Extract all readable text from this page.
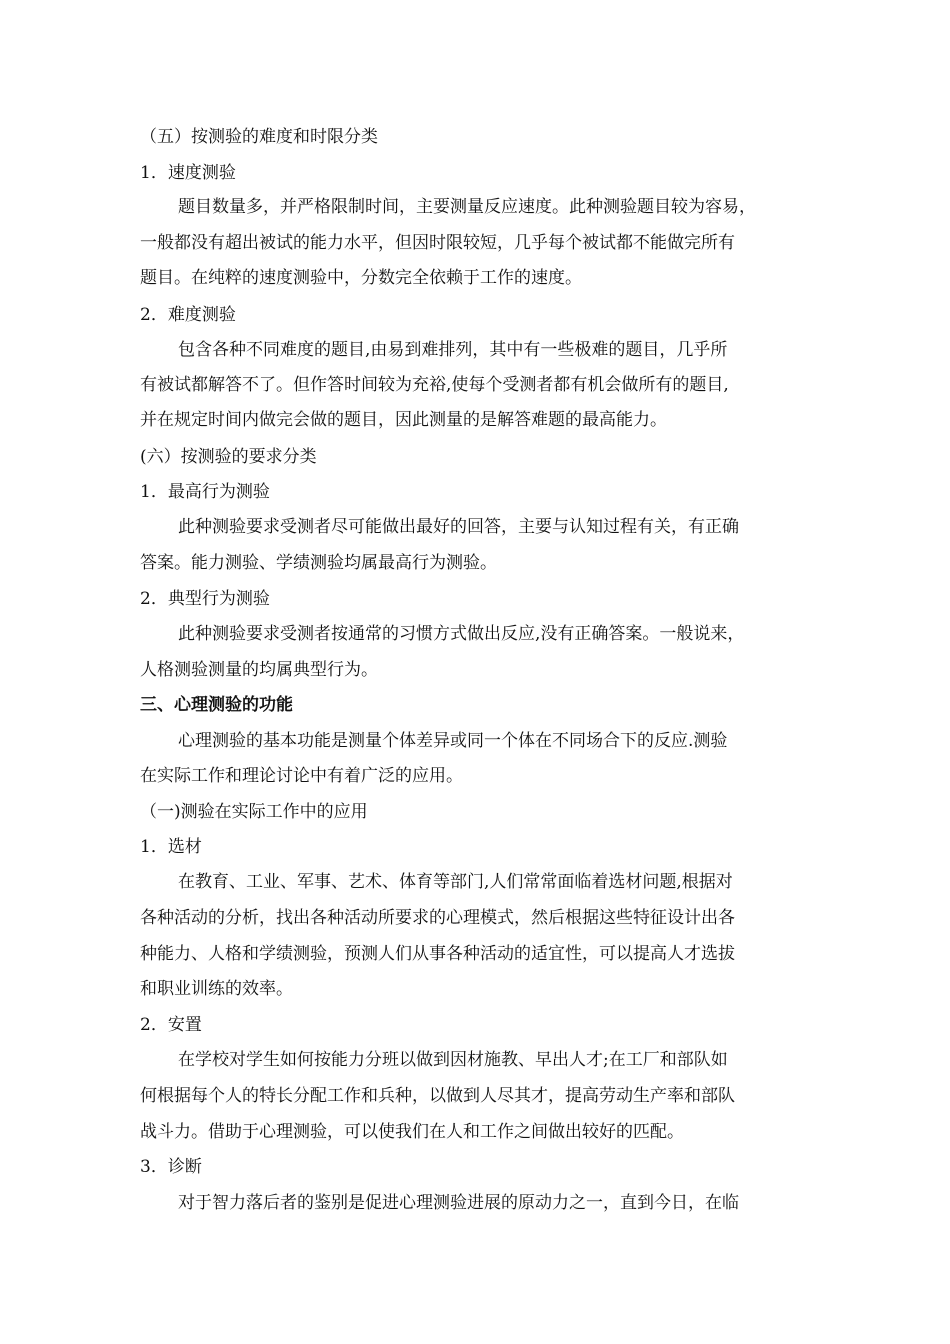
（五）按测验的难度和时限分类
1．速度测验
题目数量多，并严格限制时间，主要测量反应速度。此种测验题目较为容易，
一般都没有超出被试的能力水平，但因时限较短，几乎每个被试都不能做完所有
题目。在纯粹的速度测验中，分数完全依赖于工作的速度。
2．难度测验
包含各种不同难度的题目,由易到难排列，其中有一些极难的题目，几乎所
有被试都解答不了。但作答时间较为充裕,使每个受测者都有机会做所有的题目,
并在规定时间内做完会做的题目，因此测量的是解答难题的最高能力。
(六）按测验的要求分类
1．最高行为测验
此种测验要求受测者尽可能做出最好的回答，主要与认知过程有关，有正确
答案。能力测验、学绩测验均属最高行为测验。
2．典型行为测验
此种测验要求受测者按通常的习惯方式做出反应,没有正确答案。一般说来，
人格测验测量的均属典型行为。
三、心理测验的功能
心理测验的基本功能是测量个体差异或同一个体在不同场合下的反应.测验
在实际工作和理论讨论中有着广泛的应用。
（一)测验在实际工作中的应用
1．选材
在教育、工业、军事、艺术、体育等部门,人们常常面临着选材问题,根据对
各种活动的分析，找出各种活动所要求的心理模式，然后根据这些特征设计出各
种能力、人格和学绩测验，预测人们从事各种活动的适宜性，可以提高人才选拔
和职业训练的效率。
2．安置
在学校对学生如何按能力分班以做到因材施教、早出人才;在工厂和部队如
何根据每个人的特长分配工作和兵种，以做到人尽其才，提高劳动生产率和部队
战斗力。借助于心理测验，可以使我们在人和工作之间做出较好的匹配。
3．诊断
对于智力落后者的鉴别是促进心理测验进展的原动力之一，直到今日，在临
